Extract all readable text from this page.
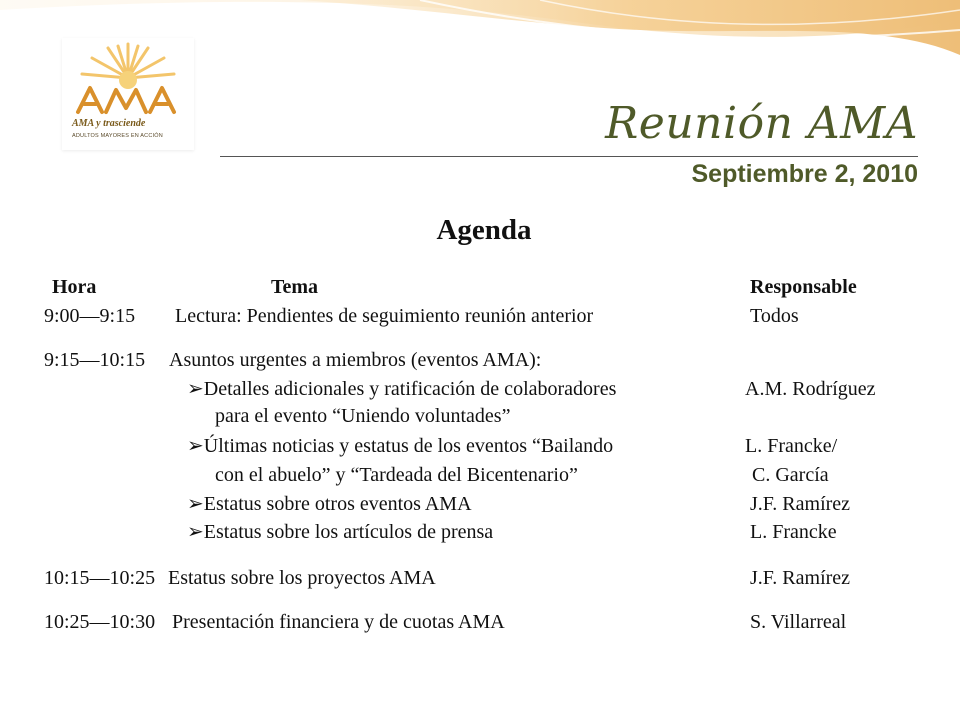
AMA y trasciende
ADULTOS MAYORES EN ACCIÓN	Reunión AMA
Septiembre 2, 2010
Agenda
Hora	Tema	Responsable
9:00—9:15 Lectura: Pendientes de seguimiento reunión anterior	Todos
9:15—10:15 Asuntos urgentes a miembros (eventos AMA):
➢Detalles adicionales y ratificación de colaboradores	A.M. Rodríguez
para el evento “Uniendo voluntades”
➢Últimas noticias y estatus de los eventos “Bailando	L. Francke/
con el abuelo” y “Tardeada del Bicentenario”	C. García
➢Estatus sobre otros eventos AMA	J.F. Ramírez
➢Estatus sobre los artículos de prensa	L. Francke
10:15—10:25 Estatus sobre los proyectos AMA	J.F. Ramírez
10:25—10:30 Presentación financiera y de cuotas AMA	S. Villarreal
